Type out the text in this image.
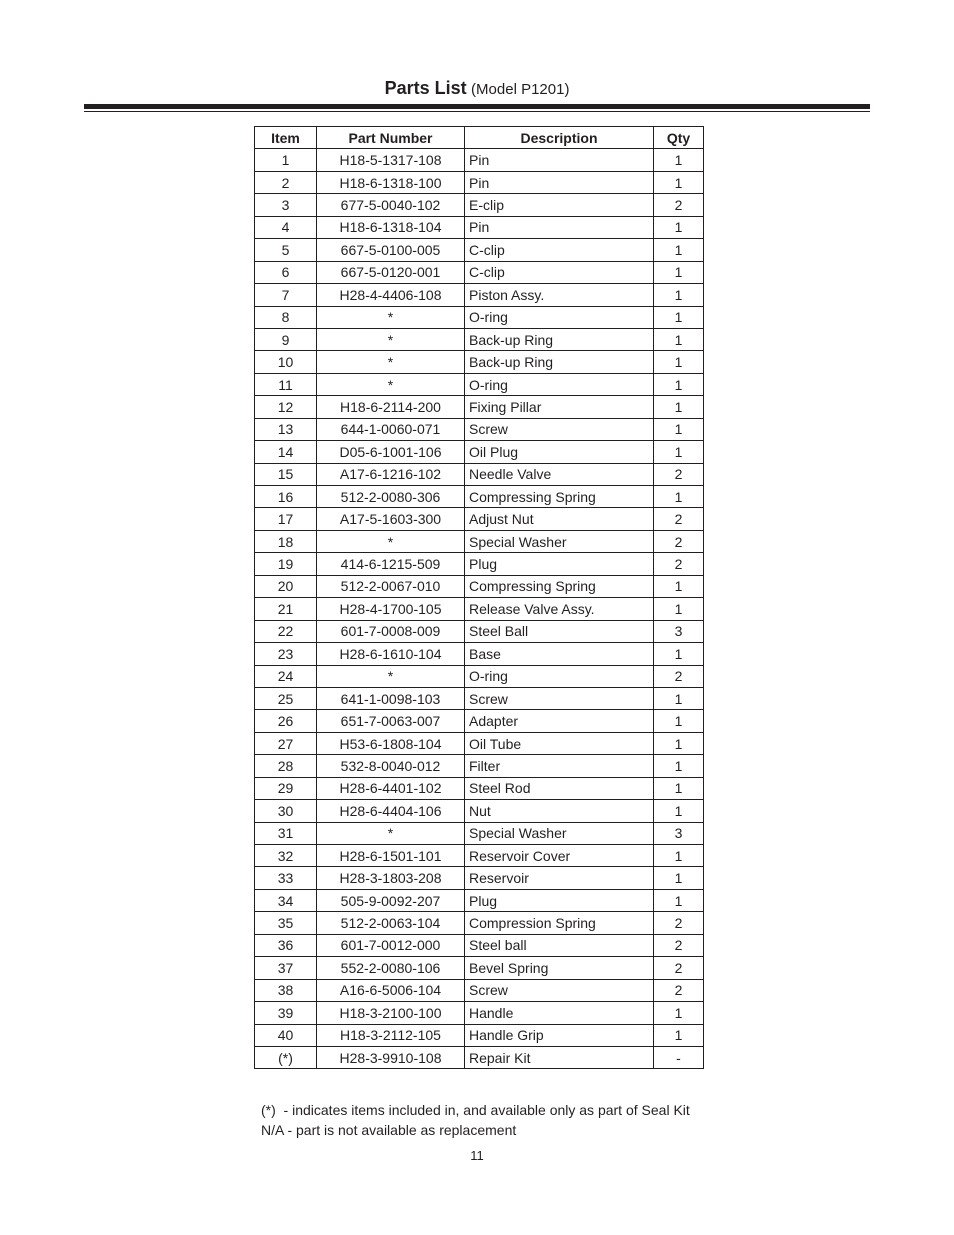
Parts List (Model P1201)
Item	Part Number	Description	Qty
1	H18-5-1317-108	Pin	1
2	H18-6-1318-100	Pin	1
3	677-5-0040-102	E-clip	2
4	H18-6-1318-104	Pin	1
5	667-5-0100-005	C-clip	1
6	667-5-0120-001	C-clip	1
7	H28-4-4406-108	Piston Assy.	1
8	*	O-ring	1
9	*	Back-up Ring	1
10	*	Back-up Ring	1
11	*	O-ring	1
12	H18-6-2114-200	Fixing Pillar	1
13	644-1-0060-071	Screw	1
14	D05-6-1001-106	Oil Plug	1
15	A17-6-1216-102	Needle Valve	2
16	512-2-0080-306	Compressing Spring	1
17	A17-5-1603-300	Adjust Nut	2
18	*	Special Washer	2
19	414-6-1215-509	Plug	2
20	512-2-0067-010	Compressing Spring	1
21	H28-4-1700-105	Release Valve Assy.	1
22	601-7-0008-009	Steel Ball	3
23	H28-6-1610-104	Base	1
24	*	O-ring	2
25	641-1-0098-103	Screw	1
26	651-7-0063-007	Adapter	1
27	H53-6-1808-104	Oil Tube	1
28	532-8-0040-012	Filter	1
29	H28-6-4401-102	Steel Rod	1
30	H28-6-4404-106	Nut	1
31	*	Special Washer	3
32	H28-6-1501-101	Reservoir Cover	1
33	H28-3-1803-208	Reservoir	1
34	505-9-0092-207	Plug	1
35	512-2-0063-104	Compression Spring	2
36	601-7-0012-000	Steel ball	2
37	552-2-0080-106	Bevel Spring	2
38	A16-6-5006-104	Screw	2
39	H18-3-2100-100	Handle	1
40	H18-3-2112-105	Handle Grip	1
(*)	H28-3-9910-108	Repair Kit	-
(*)  - indicates items included in, and available only as part of Seal Kit
N/A - part is not available as replacement
11
